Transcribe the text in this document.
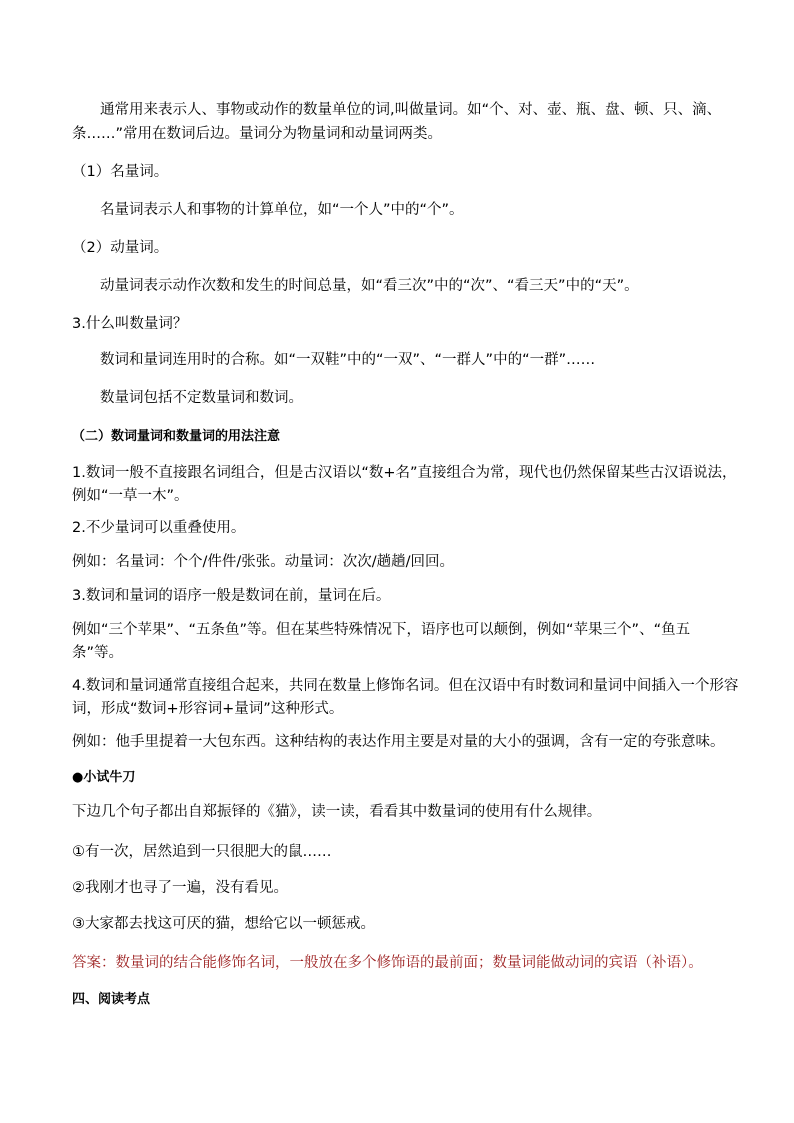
通常用来表示人、事物或动作的数量单位的词,叫做量词。如“个、对、壶、瓶、盘、顿、只、滴、
条……”常用在数词后边。量词分为物量词和动量词两类。
（1）名量词。
名量词表示人和事物的计算单位，如“一个人”中的“个”。
（2）动量词。
动量词表示动作次数和发生的时间总量，如“看三次”中的“次”、“看三天”中的“天”。
3.什么叫数量词？
数词和量词连用时的合称。如“一双鞋”中的“一双”、“一群人”中的“一群”……
数量词包括不定数量词和数词。
（二）数词量词和数量词的用法注意
1.数词一般不直接跟名词组合，但是古汉语以“数+名”直接组合为常，现代也仍然保留某些古汉语说法，
例如“一草一木”。
2.不少量词可以重叠使用。
例如：名量词：个个/件件/张张。动量词：次次/趟趟/回回。
3.数词和量词的语序一般是数词在前，量词在后。
例如“三个苹果”、“五条鱼”等。但在某些特殊情况下，语序也可以颠倒，例如“苹果三个”、“鱼五
条”等。
4.数词和量词通常直接组合起来，共同在数量上修饰名词。但在汉语中有时数词和量词中间插入一个形容
词，形成“数词+形容词+量词”这种形式。
例如：他手里提着一大包东西。这种结构的表达作用主要是对量的大小的强调，含有一定的夸张意味。
●小试牛刀
下边几个句子都出自郑振铎的《猫》，读一读，看看其中数量词的使用有什么规律。
①有一次，居然追到一只很肥大的鼠……
②我刚才也寻了一遍，没有看见。
③大家都去找这可厌的猫，想给它以一顿惩戒。
答案：数量词的结合能修饰名词，一般放在多个修饰语的最前面；数量词能做动词的宾语（补语）。
四、阅读考点
